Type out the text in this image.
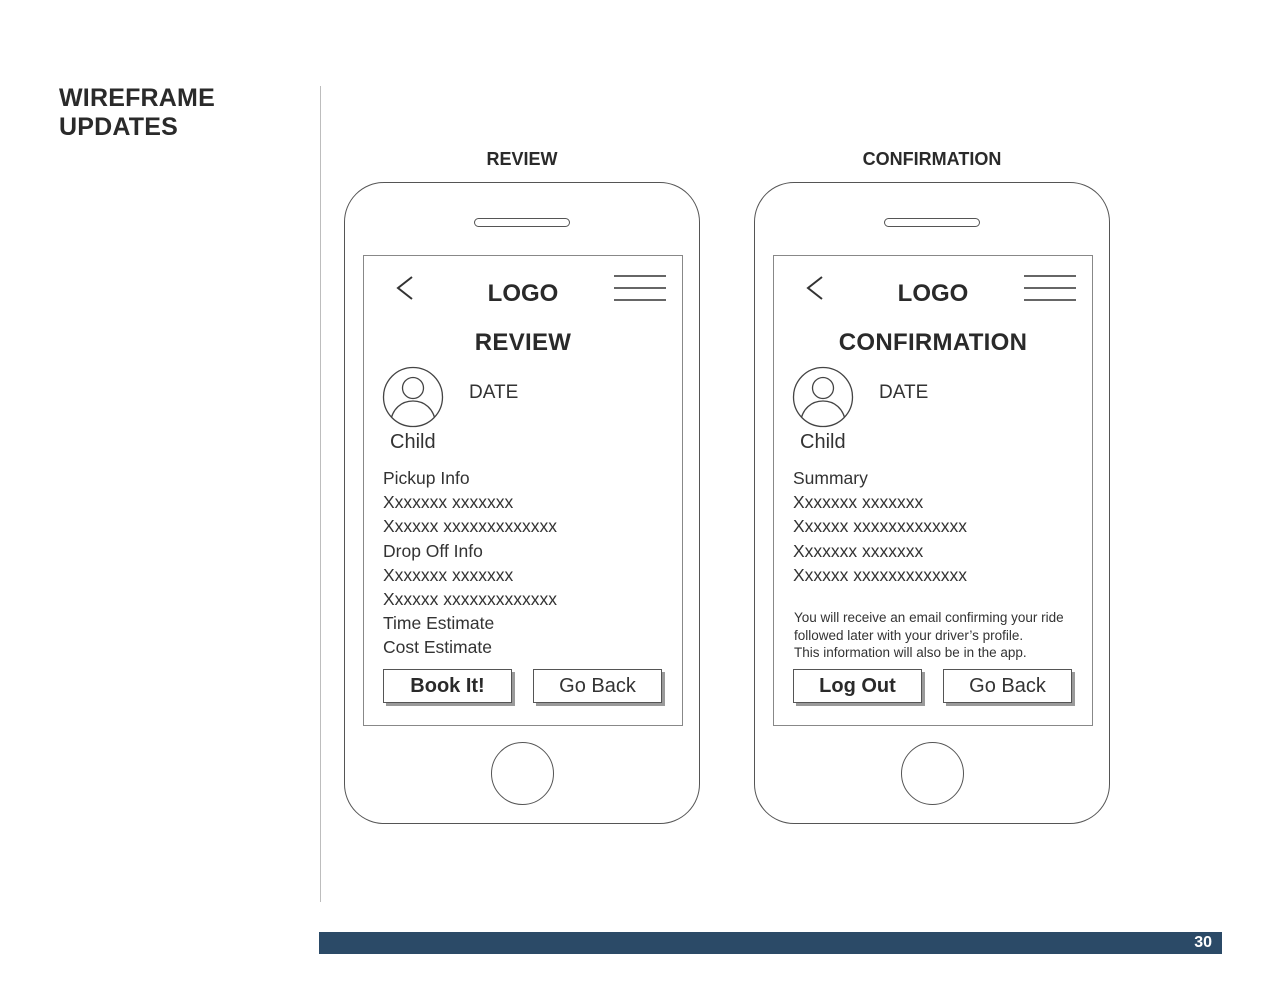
WIREFRAME
UPDATES
REVIEW
LOGO
REVIEW
DATE
Child
Pickup Info
Xxxxxxx xxxxxxx
Xxxxxx xxxxxxxxxxxxx
Drop Off Info
Xxxxxxx xxxxxxx
Xxxxxx xxxxxxxxxxxxx
Time Estimate
Cost Estimate
Book It!	Go Back
CONFIRMATION
LOGO
CONFIRMATION
DATE
Child
Summary
Xxxxxxx xxxxxxx
Xxxxxx xxxxxxxxxxxxx
Xxxxxxx xxxxxxx
Xxxxxx xxxxxxxxxxxxx
You will receive an email confirming your ride
followed later with your driver’s profile.
This information will also be in the app.
Log Out	Go Back
30
